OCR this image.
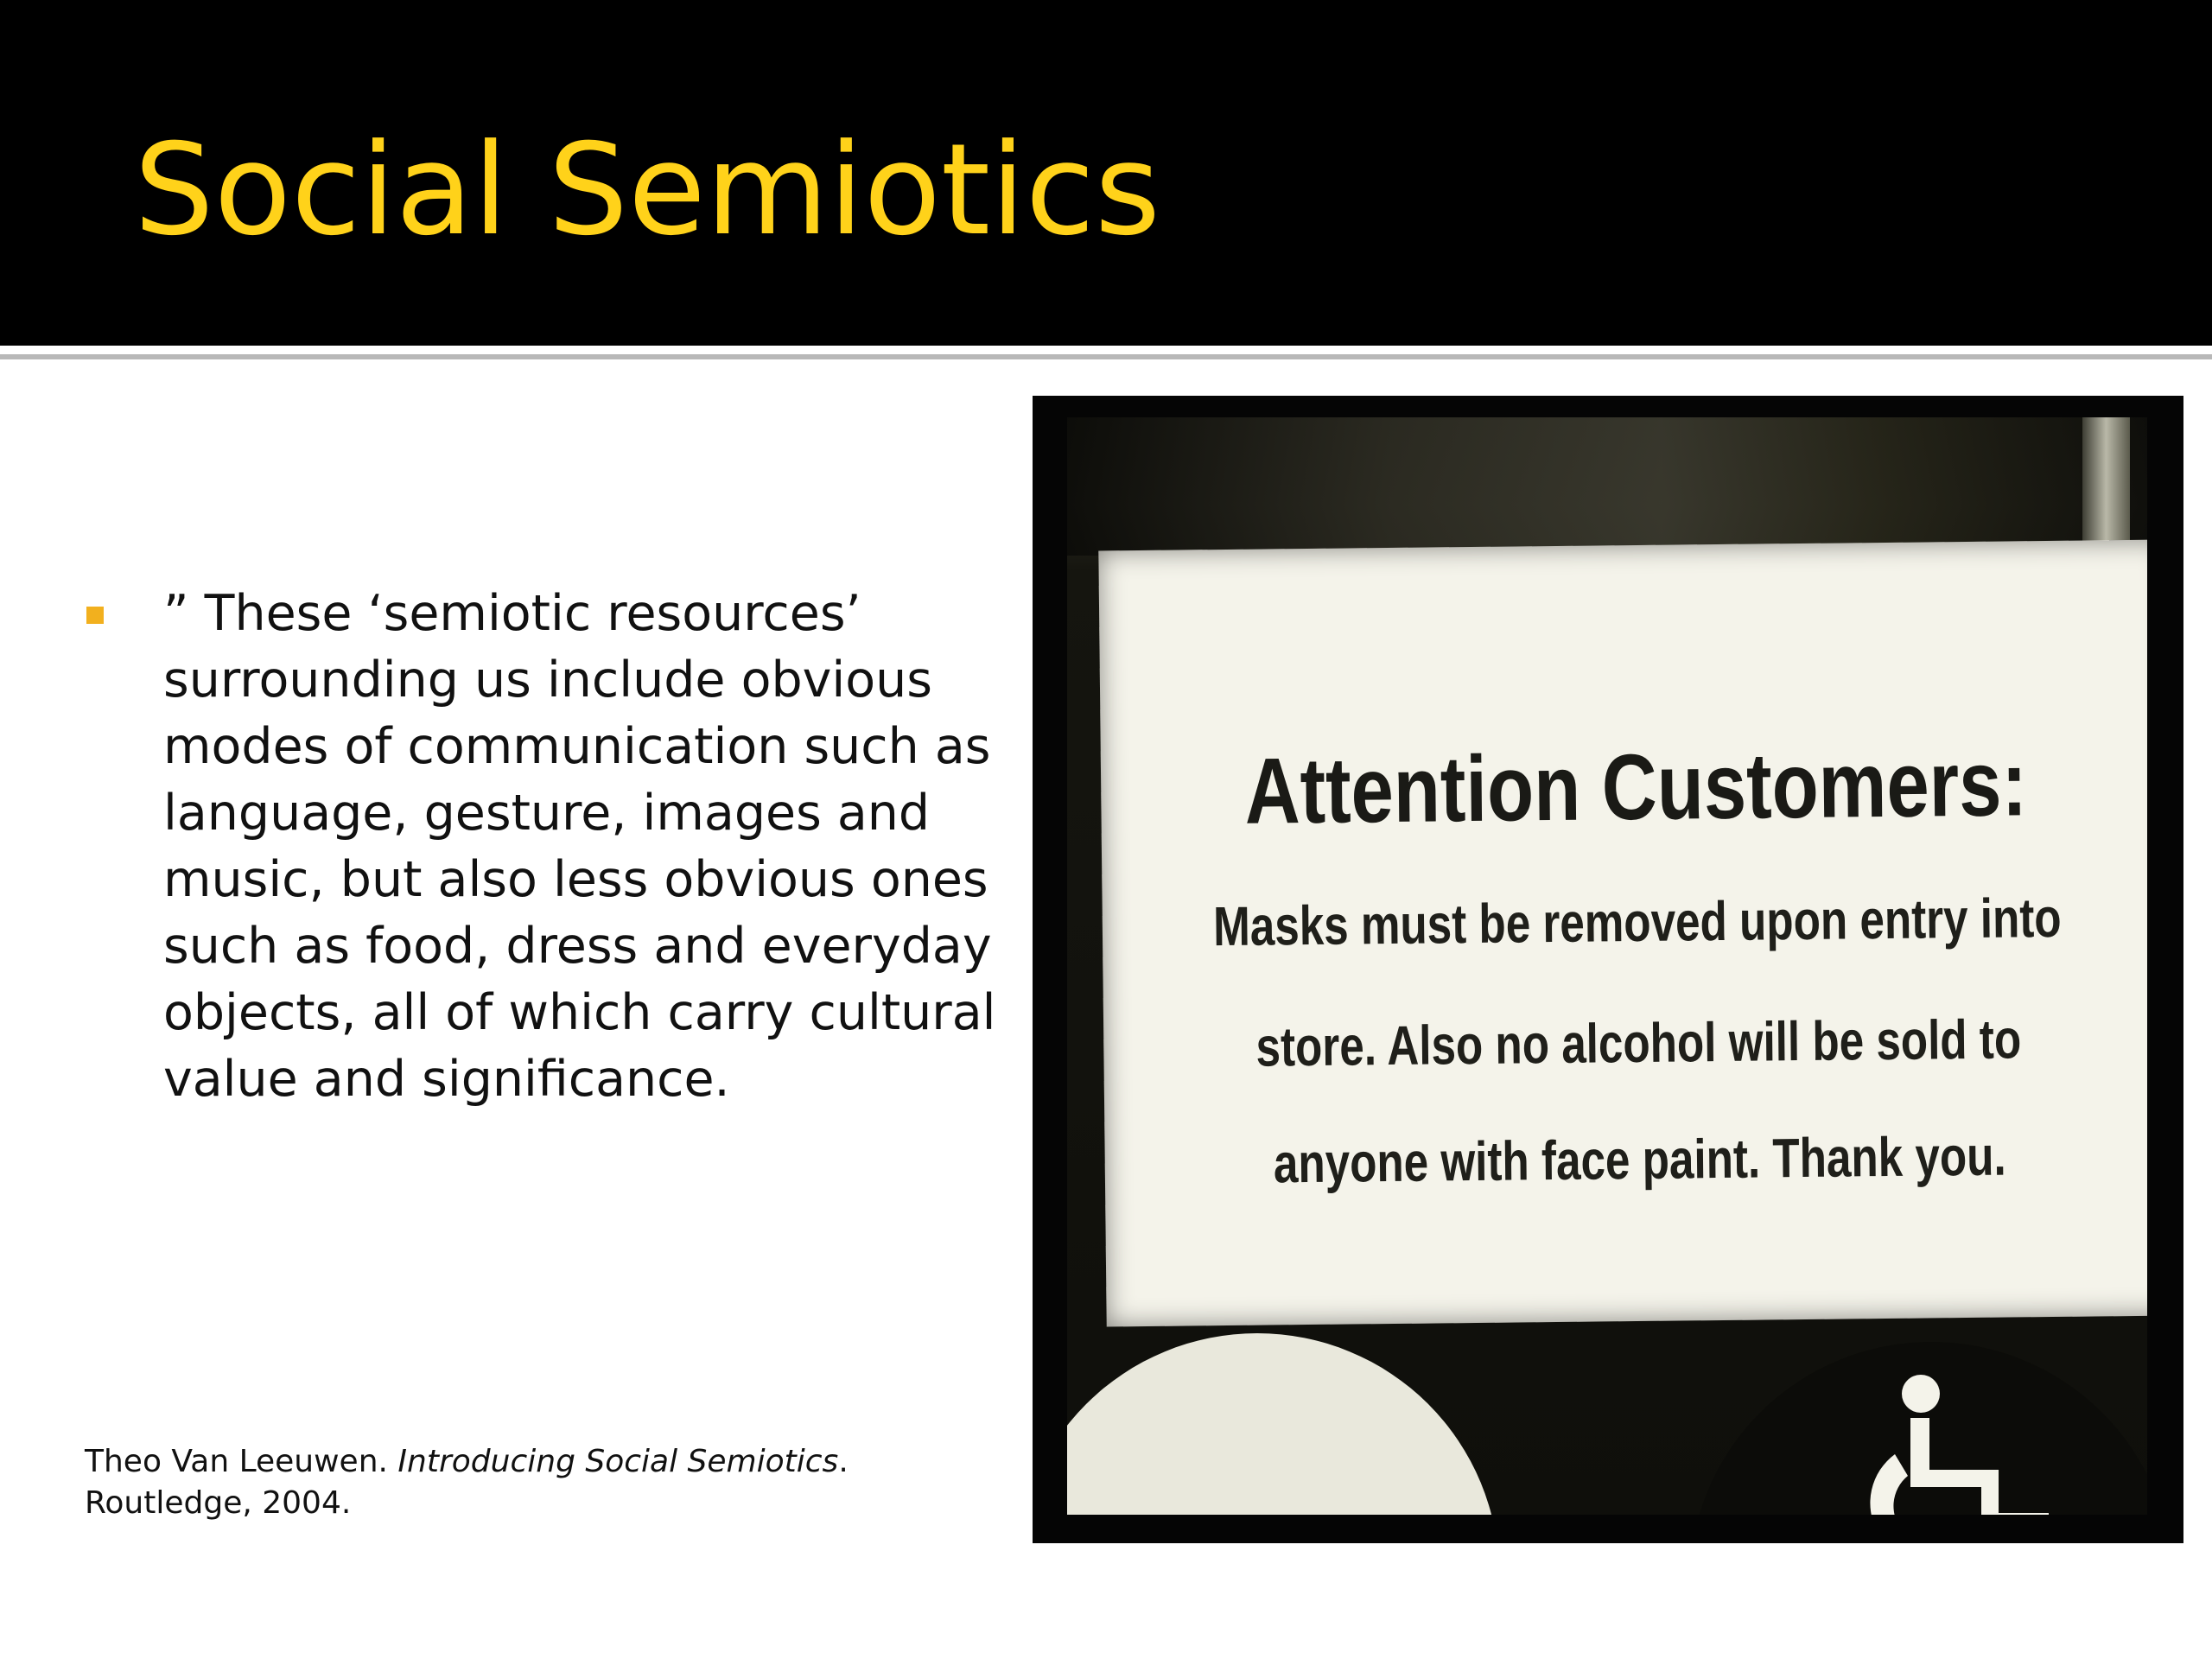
Social Semiotics
” These ‘semiotic resources’ surrounding us include obvious modes of communication such as language, gesture, images and music, but also less obvious ones such as food, dress and everyday objects, all of which carry cultural value and significance.
Theo Van Leeuwen. Introducing Social Semiotics.
Routledge, 2004.
Attention Customers:
Masks must be removed upon entry into
store. Also no alcohol will be sold to
anyone with face paint. Thank you.
